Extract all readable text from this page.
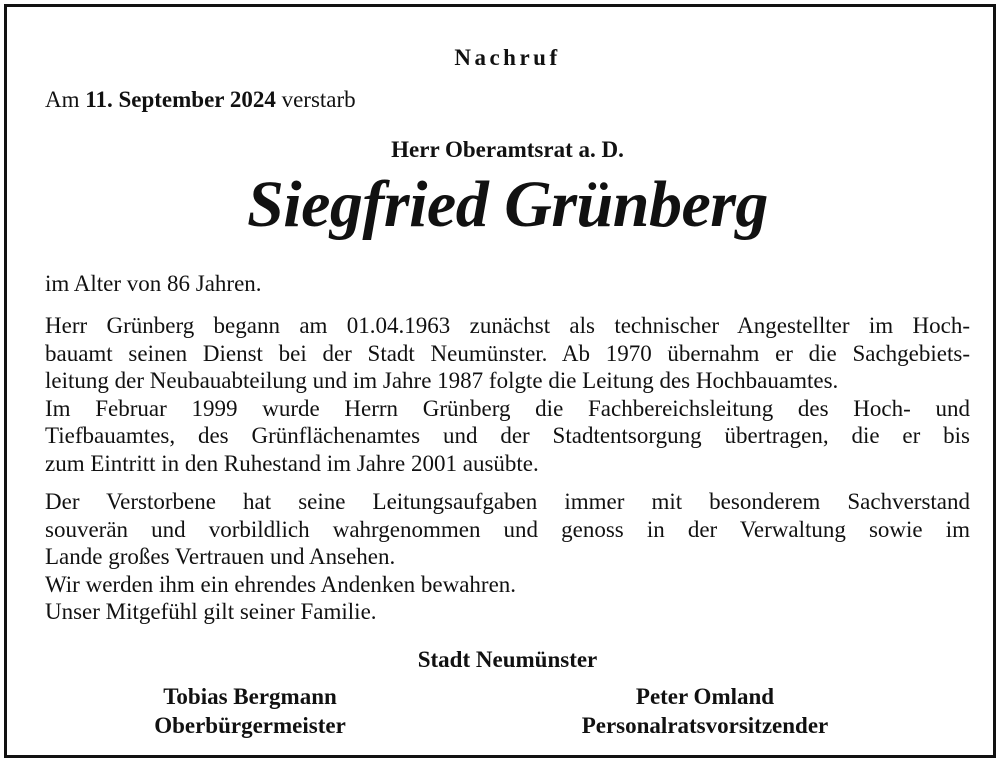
Nachruf
Am 11. September 2024 verstarb
Herr Oberamtsrat a. D.
Siegfried Grünberg
im Alter von 86 Jahren.
Herr Grünberg begann am 01.04.1963 zunächst als technischer Angestellter im Hoch-
bauamt seinen Dienst bei der Stadt Neumünster. Ab 1970 übernahm er die Sachgebiets-
leitung der Neubauabteilung und im Jahre 1987 folgte die Leitung des Hochbauamtes.
Im Februar 1999 wurde Herrn Grünberg die Fachbereichsleitung des Hoch- und
Tiefbauamtes, des Grünflächenamtes und der Stadtentsorgung übertragen, die er bis
zum Eintritt in den Ruhestand im Jahre 2001 ausübte.
Der Verstorbene hat seine Leitungsaufgaben immer mit besonderem Sachverstand
souverän und vorbildlich wahrgenommen und genoss in der Verwaltung sowie im
Lande großes Vertrauen und Ansehen.
Wir werden ihm ein ehrendes Andenken bewahren.
Unser Mitgefühl gilt seiner Familie.
Stadt Neumünster
Tobias Bergmann
Oberbürgermeister
Peter Omland
Personalratsvorsitzender
